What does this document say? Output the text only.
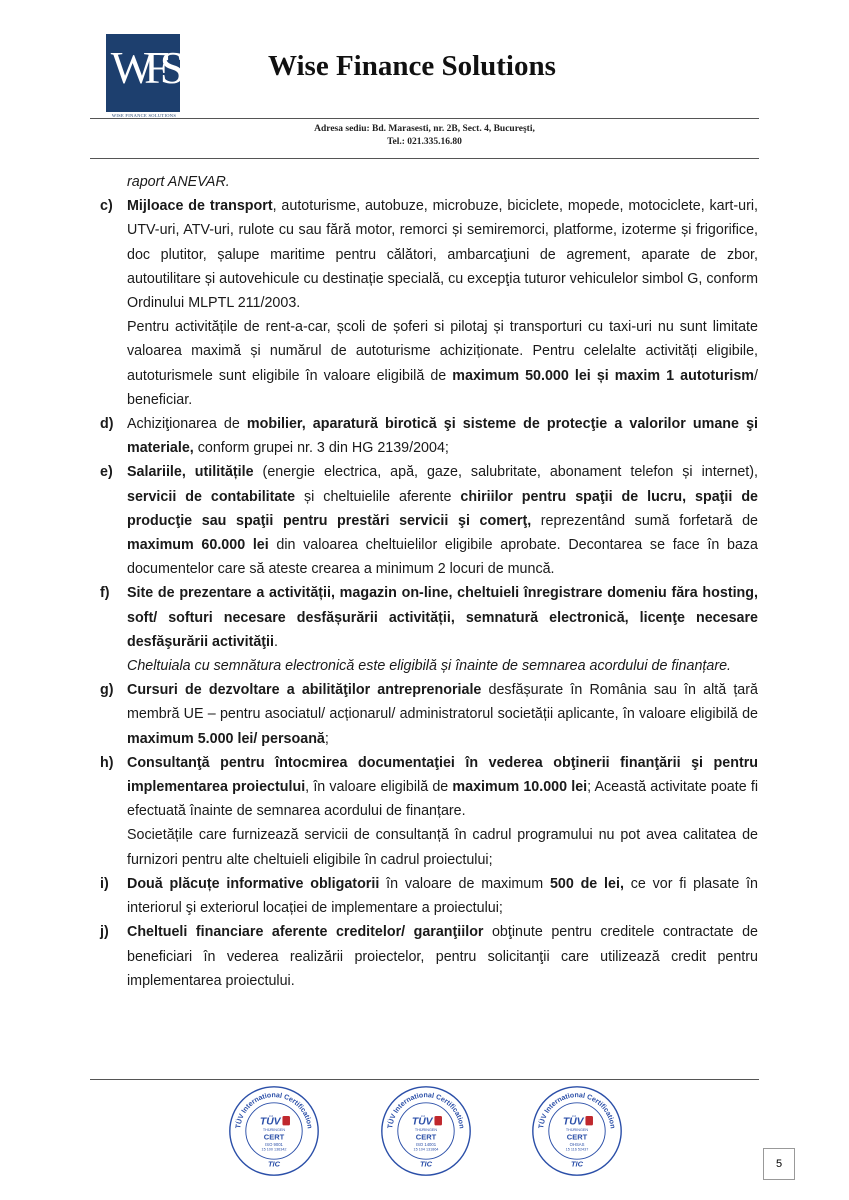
WFS
WISE FINANCE SOLUTIONS
Wise Finance Solutions
Adresa sediu: Bd. Marasesti, nr. 2B, Sect. 4, Bucureşti,
Tel.: 021.335.16.80

raport ANEVAR.

c) Mijloace de transport, autoturisme, autobuze, microbuze, biciclete, mopede, motociclete, kart-uri, UTV-uri, ATV-uri, rulote cu sau fără motor, remorci și semiremorci, platforme, izoterme și frigorifice, doc plutitor, șalupe maritime pentru călători, ambarcaţiuni de agrement, aparate de zbor, autoutilitare și autovehicule cu destinație specială, cu excepţia tuturor vehiculelor simbol G, conform Ordinului MLPTL 211/2003.

Pentru activitățile de rent-a-car, școli de șoferi si pilotaj și transporturi cu taxi-uri nu sunt limitate valoarea maximă și numărul de autoturisme achiziționate. Pentru celelalte activități eligibile, autoturismele sunt eligibile în valoare eligibilă de maximum 50.000 lei și maxim 1 autoturism/ beneficiar.

d) Achiziţionarea de mobilier, aparatură birotică şi sisteme de protecţie a valorilor umane şi materiale, conform grupei nr. 3 din HG 2139/2004;

e) Salariile, utilitățile (energie electrica, apă, gaze, salubritate, abonament telefon și internet), servicii de contabilitate și cheltuielile aferente chiriilor pentru spaţii de lucru, spaţii de producţie sau spaţii pentru prestări servicii şi comerţ, reprezentând sumă forfetară de maximum 60.000 lei din valoarea cheltuielilor eligibile aprobate. Decontarea se face în baza documentelor care să ateste crearea a minimum 2 locuri de muncă.

f) Site de prezentare a activității, magazin on-line, cheltuieli înregistrare domeniu făra hosting, soft/ softuri necesare desfășurării activității, semnatură electronică, licenţe necesare desfăşurării activităţii.

Cheltuiala cu semnătura electronică este eligibilă și înainte de semnarea acordului de finanțare.

g) Cursuri de dezvoltare a abilităţilor antreprenoriale desfășurate în România sau în altă țară membră UE – pentru asociatul/ acționarul/ administratorul societății aplicante, în valoare eligibilă de maximum 5.000 lei/ persoană;

h) Consultanţă pentru întocmirea documentaţiei în vederea obţinerii finanţării şi pentru implementarea proiectului, în valoare eligibilă de maximum 10.000 lei; Această activitate poate fi efectuată înainte de semnarea acordului de finanțare.

Societățile care furnizează servicii de consultanță în cadrul programului nu pot avea calitatea de furnizori pentru alte cheltuieli eligibile în cadrul proiectului;

i) Două plăcuțe informative obligatorii în valoare de maximum 500 de lei, ce vor fi plasate în interiorul şi exteriorul locației de implementare a proiectului;

j) Cheltueli financiare aferente creditelor/ garanţiilor obţinute pentru creditele contractate de beneficiari în vederea realizării proiectelor, pentru solicitanţii care utilizează credit pentru implementarea proiectului.

TÜV International Certification
TÜV
THÜRINGEN
CERT
ISO 9001
15 100 136342
TIC
TÜV International Certification
TÜV
THÜRINGEN
CERT
ISO 14001
15 104 131864
TIC
TÜV International Certification
TÜV
THÜRINGEN
CERT
OHSAS
15 116 52437
TIC	5
